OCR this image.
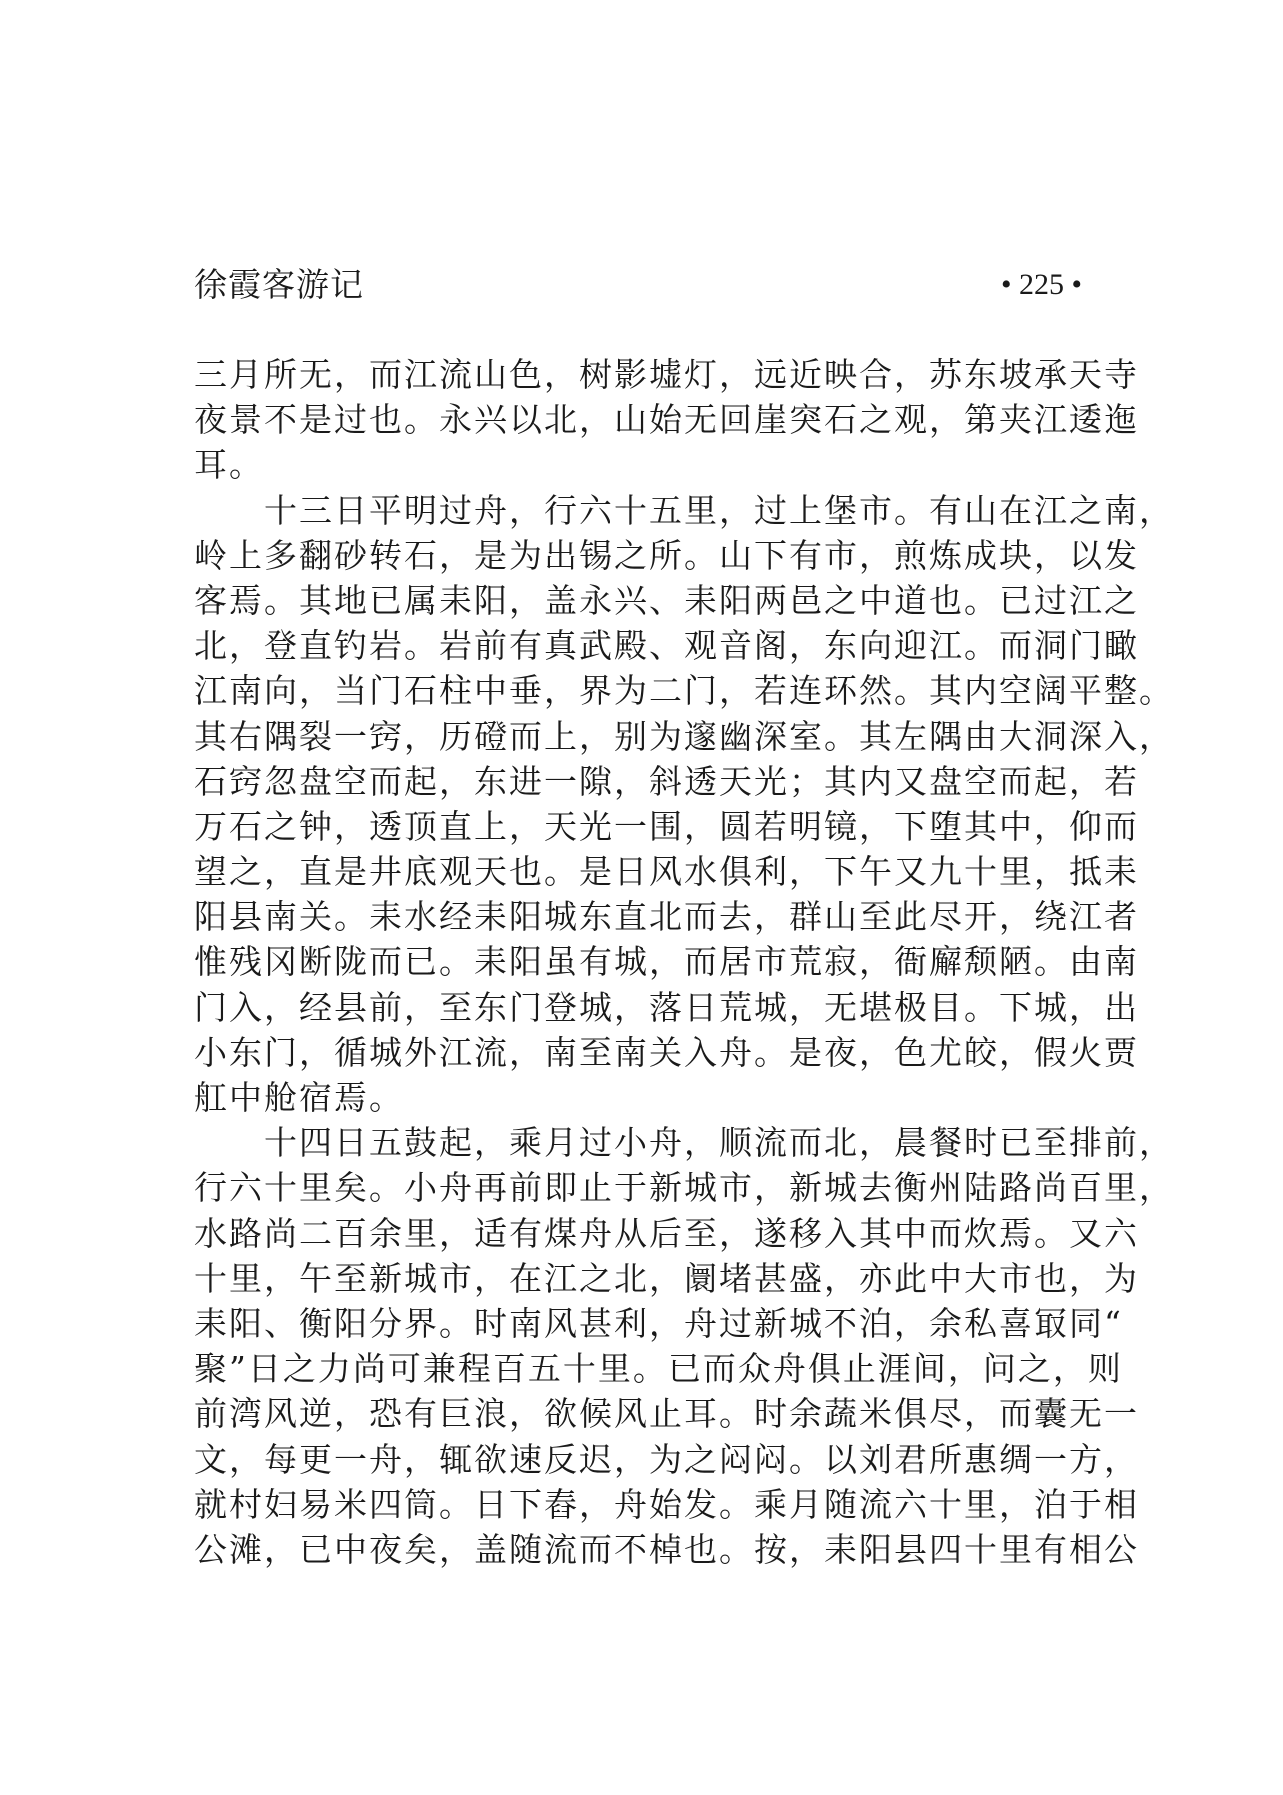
徐霞客游记	• 225 •
三月所无，而江流山色，树影墟灯，远近映合，苏东坡承天寺
夜景不是过也。永兴以北，山始无回崖突石之观，第夹江逶迤
耳。
十三日平明过舟，行六十五里，过上堡市。有山在江之南，
岭上多翻砂转石，是为出锡之所。山下有市，煎炼成块，以发
客焉。其地已属耒阳，盖永兴、耒阳两邑之中道也。已过江之
北，登直钓岩。岩前有真武殿、观音阁，东向迎江。而洞门瞰
江南向，当门石柱中垂，界为二门，若连环然。其内空阔平整。
其右隅裂一窍，历磴而上，别为邃幽深室。其左隅由大洞深入，
石窍忽盘空而起，东进一隙，斜透天光；其内又盘空而起，若
万石之钟，透顶直上，天光一围，圆若明镜，下堕其中，仰而
望之，直是井底观天也。是日风水俱利，下午又九十里，抵耒
阳县南关。耒水经耒阳城东直北而去，群山至此尽开，绕江者
惟残冈断陇而已。耒阳虽有城，而居市荒寂，衙廨颓陋。由南
门入，经县前，至东门登城，落日荒城，无堪极目。下城，出
小东门，循城外江流，南至南关入舟。是夜，色尤皎，假火贾
舡中舱宿焉。
十四日五鼓起，乘月过小舟，顺流而北，晨餐时已至排前，
行六十里矣。小舟再前即止于新城市，新城去衡州陆路尚百里，
水路尚二百余里，适有煤舟从后至，遂移入其中而炊焉。又六
十里，午至新城市，在江之北，阛堵甚盛，亦此中大市也，为
耒阳、衡阳分界。时南风甚利，舟过新城不泊，余私喜冣同“
聚”日之力尚可兼程百五十里。已而众舟俱止涯间，问之，则
前湾风逆，恐有巨浪，欲候风止耳。时余蔬米俱尽，而囊无一
文，每更一舟，辄欲速反迟，为之闷闷。以刘君所惠绸一方，
就村妇易米四筒。日下舂，舟始发。乘月随流六十里，泊于相
公滩，已中夜矣，盖随流而不棹也。按，耒阳县四十里有相公
